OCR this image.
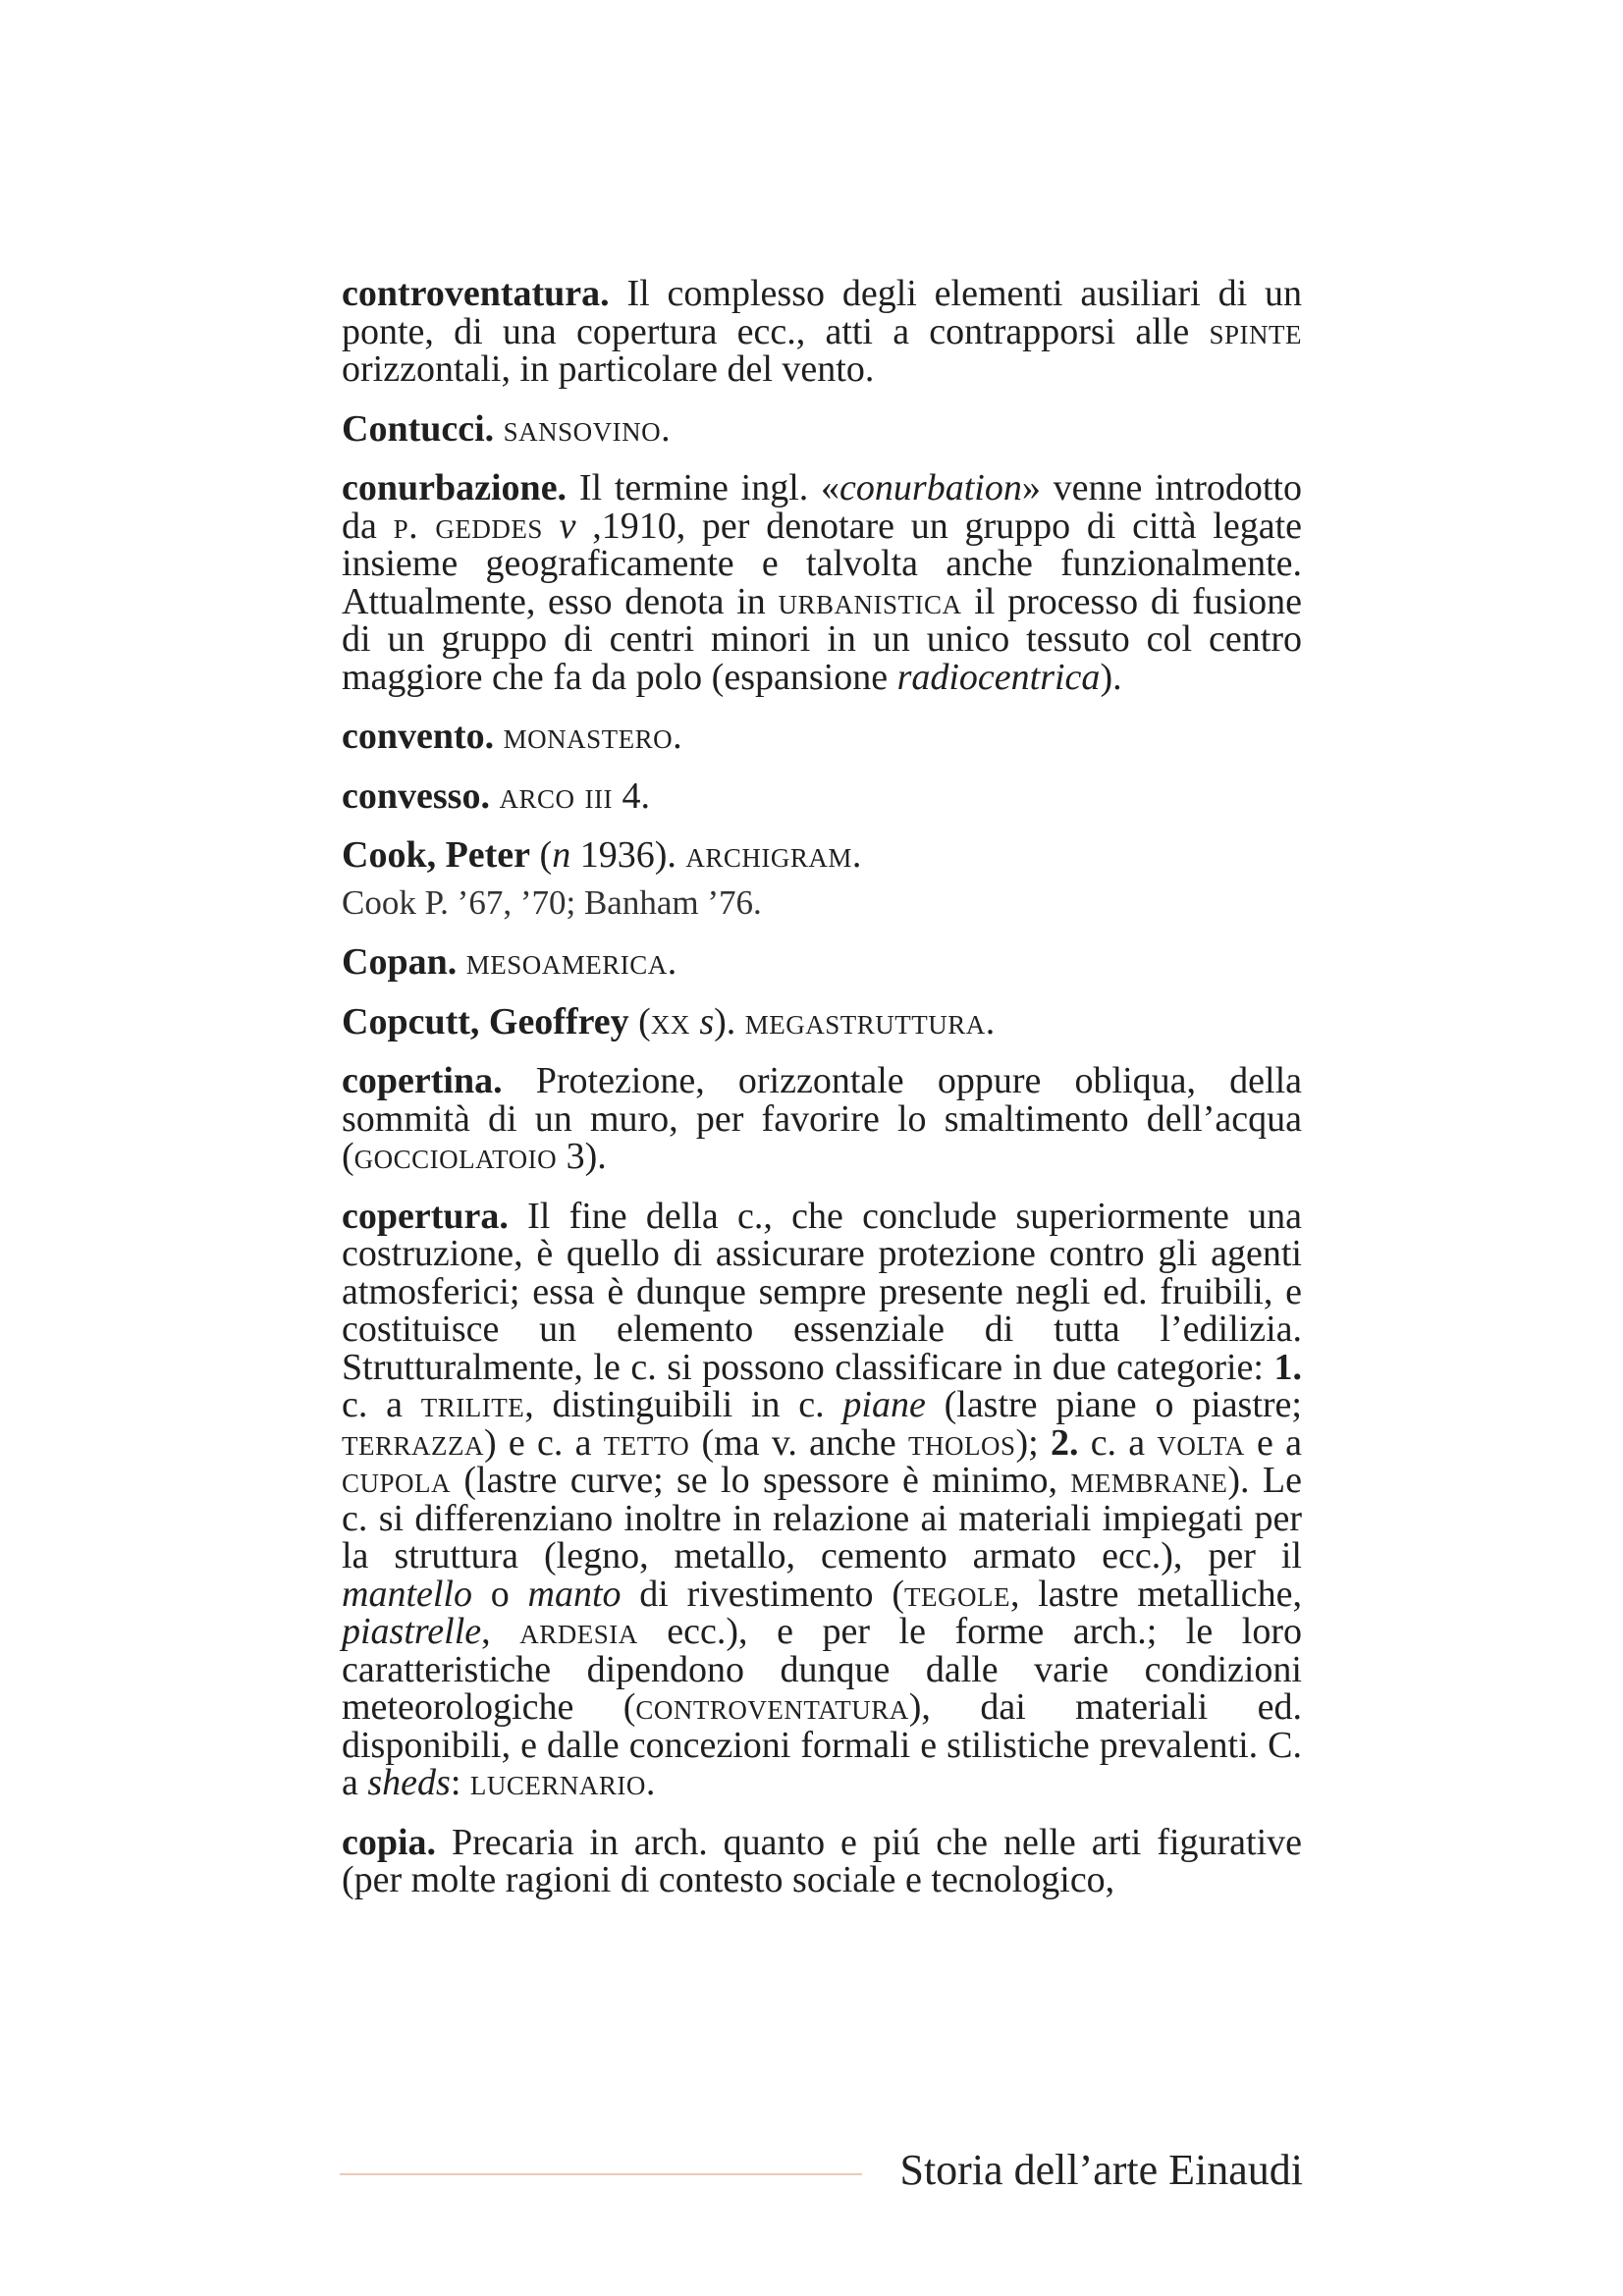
controventatura. Il complesso degli elementi ausiliari di un ponte, di una copertura ecc., atti a contrapporsi alle spinte orizzontali, in particolare del vento.

Contucci. sansovino.

conurbazione. Il termine ingl. «conurbation» venne introdotto da p. geddes v ,1910, per denotare un gruppo di città legate insieme geograficamente e talvolta anche funzionalmente. Attualmente, esso denota in urbanistica il processo di fusione di un gruppo di centri minori in un unico tessuto col centro maggiore che fa da polo (espansione radiocentrica).

convento. monastero.

convesso. arco iii 4.

Cook, Peter (n 1936). archigram.

Cook P. ’67, ’70; Banham ’76.

Copan. mesoamerica.

Copcutt, Geoffrey (xx s). megastruttura.

copertina. Protezione, orizzontale oppure obliqua, della sommità di un muro, per favorire lo smaltimento dell’acqua (gocciolatoio 3).

copertura. Il fine della c., che conclude superiormente una costruzione, è quello di assicurare protezione contro gli agenti atmosferici; essa è dunque sempre presente negli ed. fruibili, e costituisce un elemento essenziale di tutta l’edilizia. Strutturalmente, le c. si possono classificare in due categorie: 1. c. a trilite, distinguibili in c. piane (lastre piane o piastre; terrazza) e c. a tetto (ma v. anche tholos); 2. c. a volta e a cupola (lastre curve; se lo spessore è minimo, membrane). Le c. si differenziano inoltre in relazione ai materiali impiegati per la struttura (legno, metallo, cemento armato ecc.), per il mantello o manto di rivestimento (tegole, lastre metalliche, piastrelle, ardesia ecc.), e per le forme arch.; le loro caratteristiche dipendono dunque dalle varie condizioni meteorologiche (controventatura), dai materiali ed. disponibili, e dalle concezioni formali e stilistiche prevalenti. C. a sheds: lucernario.

copia. Precaria in arch. quanto e piú che nelle arti figurative (per molte ragioni di contesto sociale e tecnologico,

Storia dell’arte Einaudi
